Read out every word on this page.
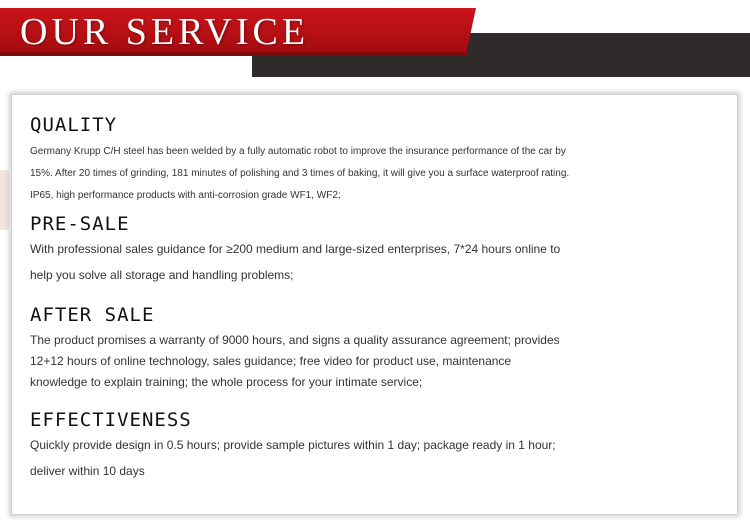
OUR SERVICE
QUALITY

Germany Krupp C/H steel has been welded by a fully automatic robot to improve the insurance performance of the car by 15%. After 20 times of grinding, 181 minutes of polishing and 3 times of baking, it will give you a surface waterproof rating. IP65, high performance products with anti-corrosion grade WF1, WF2;

PRE-SALE

With professional sales guidance for ≥200 medium and large-sized enterprises, 7*24 hours online to help you solve all storage and handling problems;

AFTER SALE

The product promises a warranty of 9000 hours, and signs a quality assurance agreement; provides 12+12 hours of online technology, sales guidance; free video for product use, maintenance knowledge to explain training; the whole process for your intimate service;

EFFECTIVENESS

Quickly provide design in 0.5 hours; provide sample pictures within 1 day; package ready in 1 hour; deliver within 10 days
